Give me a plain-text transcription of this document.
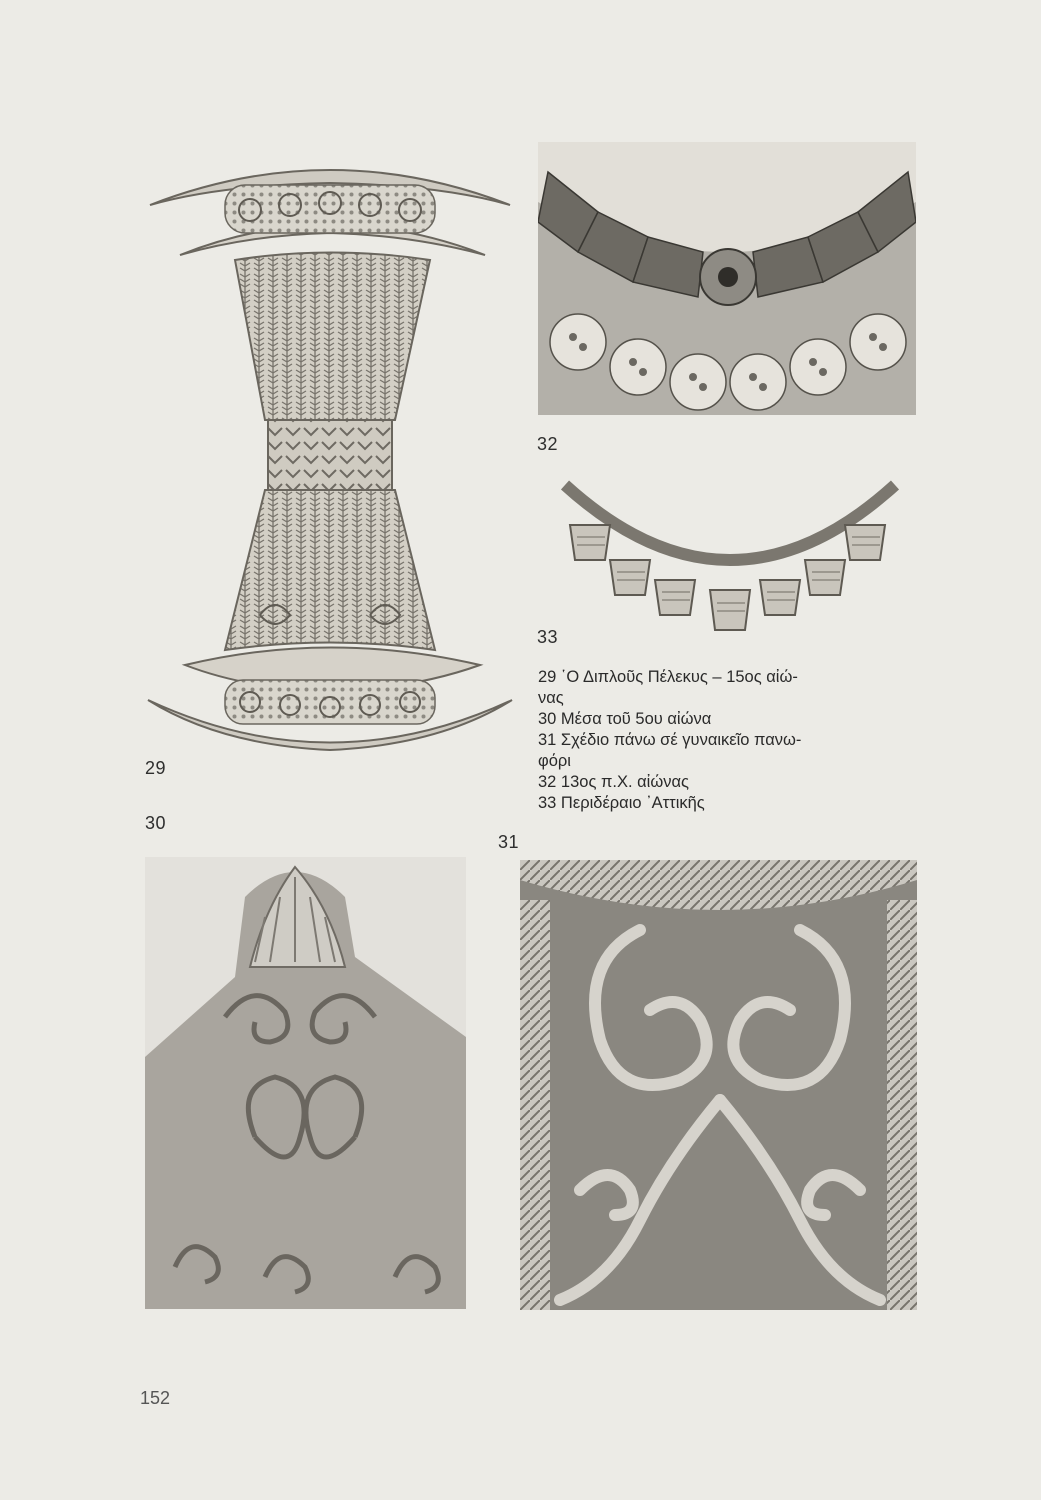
32
33
29 ῾Ο Διπλοῦς Πέλεκυς – 15ος αἰώ-
νας
30 Μέσα τοῦ 5ου αἰώνα
31 Σχέδιο πάνω σέ γυναικεῖο πανω-
φόρι
32 13ος π.Χ. αἰώνας
33 Περιδέραιο ᾿Αττικῆς
29
30
31
152
